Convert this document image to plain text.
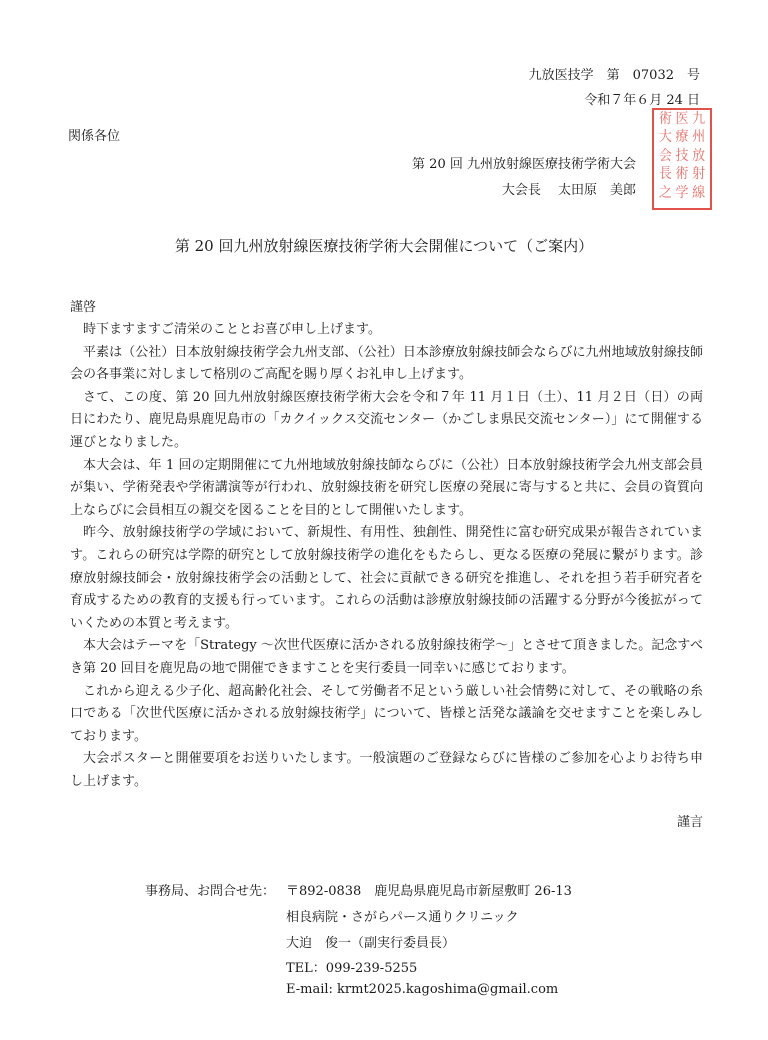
九放医技学　第　07032　号
令和７年６月 24 日
関係各位
第 20 回 九州放射線医療技術学術大会
大会長　 太田原　美郎
九
州
放
射
線
医
療
技
術
学
術
大
会
長
之
第 20 回九州放射線医療技術学術大会開催について（ご案内）
謹啓

時下ますますご清栄のこととお喜び申し上げます。

平素は（公社）日本放射線技術学会九州支部、（公社）日本診療放射線技師会ならびに九州地域放射線技師会の各事業に対しまして格別のご高配を賜り厚くお礼申し上げます。

さて、この度、第 20 回九州放射線医療技術学術大会を令和７年 11 月１日（土）、11 月２日（日）の両日にわたり、鹿児島県鹿児島市の「カクイックス交流センター（かごしま県民交流センター）」にて開催する運びとなりました。

本大会は、年 1 回の定期開催にて九州地域放射線技師ならびに（公社）日本放射線技術学会九州支部会員が集い、学術発表や学術講演等が行われ、放射線技術を研究し医療の発展に寄与すると共に、会員の資質向上ならびに会員相互の親交を図ることを目的として開催いたします。

昨今、放射線技術学の学域において、新規性、有用性、独創性、開発性に富む研究成果が報告されています。これらの研究は学際的研究として放射線技術学の進化をもたらし、更なる医療の発展に繋がります。診療放射線技師会・放射線技術学会の活動として、社会に貢献できる研究を推進し、それを担う若手研究者を育成するための教育的支援も行っています。これらの活動は診療放射線技師の活躍する分野が今後拡がっていくための本質と考えます。

本大会はテーマを「Strategy 〜次世代医療に活かされる放射線技術学〜」とさせて頂きました。記念すべき第 20 回目を鹿児島の地で開催できますことを実行委員一同幸いに感じております。

これから迎える少子化、超高齢化社会、そして労働者不足という厳しい社会情勢に対して、その戦略の糸口である「次世代医療に活かされる放射線技術学」について、皆様と活発な議論を交せますことを楽しみしております。

大会ポスターと開催要項をお送りいたします。一般演題のご登録ならびに皆様のご参加を心よりお待ち申し上げます。

謹言
事務局、お問合せ先： 〒892-0838　鹿児島県鹿児島市新屋敷町 26-13
相良病院・さがらパース通りクリニック
大迫　俊一（副実行委員長）
TEL：099-239-5255
E-mail: krmt2025.kagoshima@gmail.com
